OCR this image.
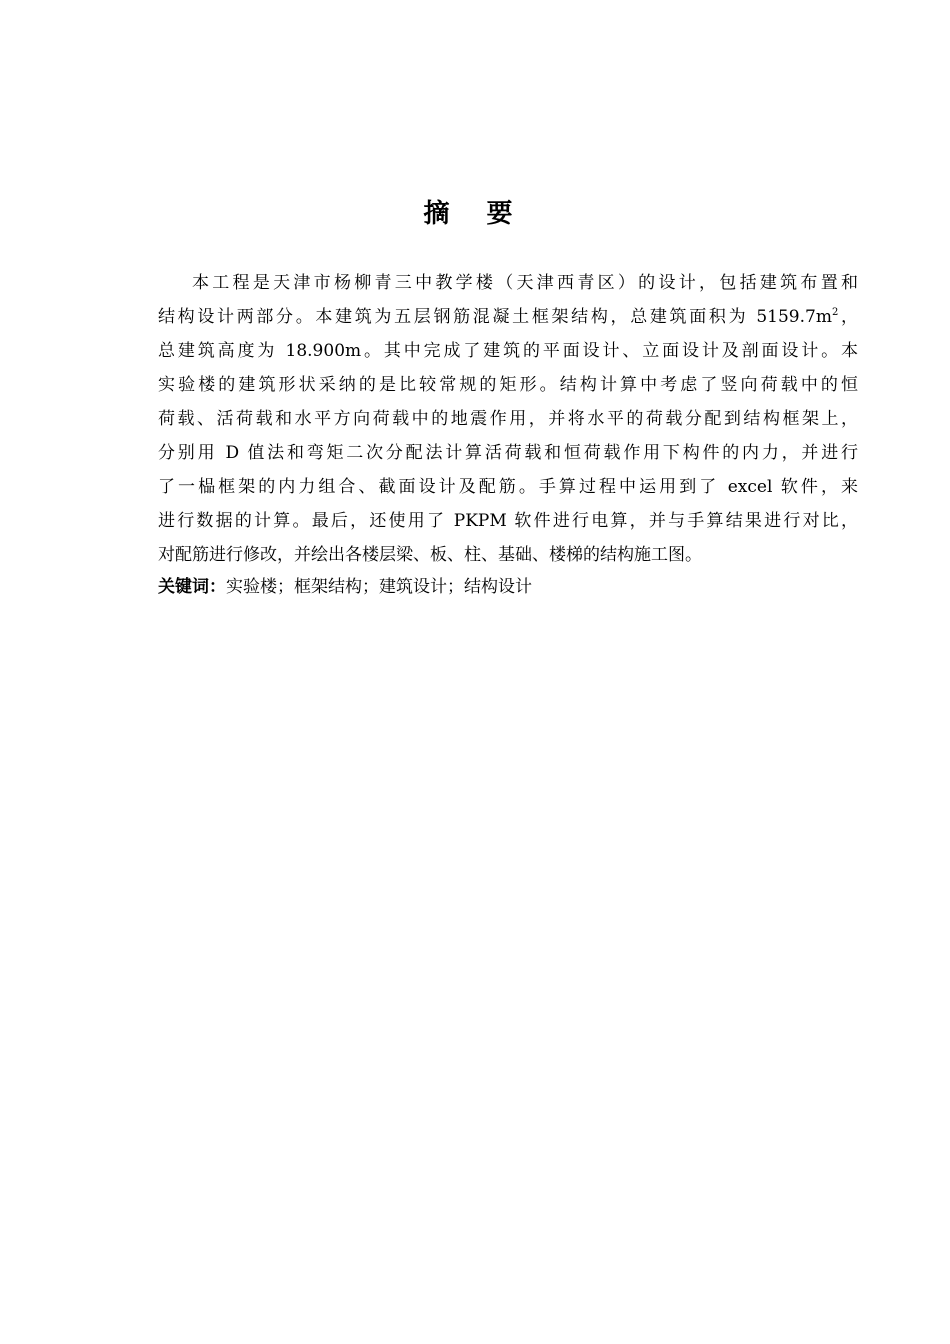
摘 要
本工程是天津市杨柳青三中教学楼（天津西青区）的设计，包括建筑布置和
结构设计两部分。本建筑为五层钢筋混凝土框架结构，总建筑面积为 $5159.7m^2$，
总建筑高度为 18.900m。其中完成了建筑的平面设计、立面设计及剖面设计。本
实验楼的建筑形状采纳的是比较常规的矩形。结构计算中考虑了竖向荷载中的恒
荷载、活荷载和水平方向荷载中的地震作用，并将水平的荷载分配到结构框架上，
分别用 D 值法和弯矩二次分配法计算活荷载和恒荷载作用下构件的内力，并进行
了一榀框架的内力组合、截面设计及配筋。手算过程中运用到了 excel 软件，来
进行数据的计算。最后，还使用了 PKPM 软件进行电算，并与手算结果进行对比，
对配筋进行修改，并绘出各楼层梁、板、柱、基础、楼梯的结构施工图。
关键词：实验楼；框架结构；建筑设计；结构设计
